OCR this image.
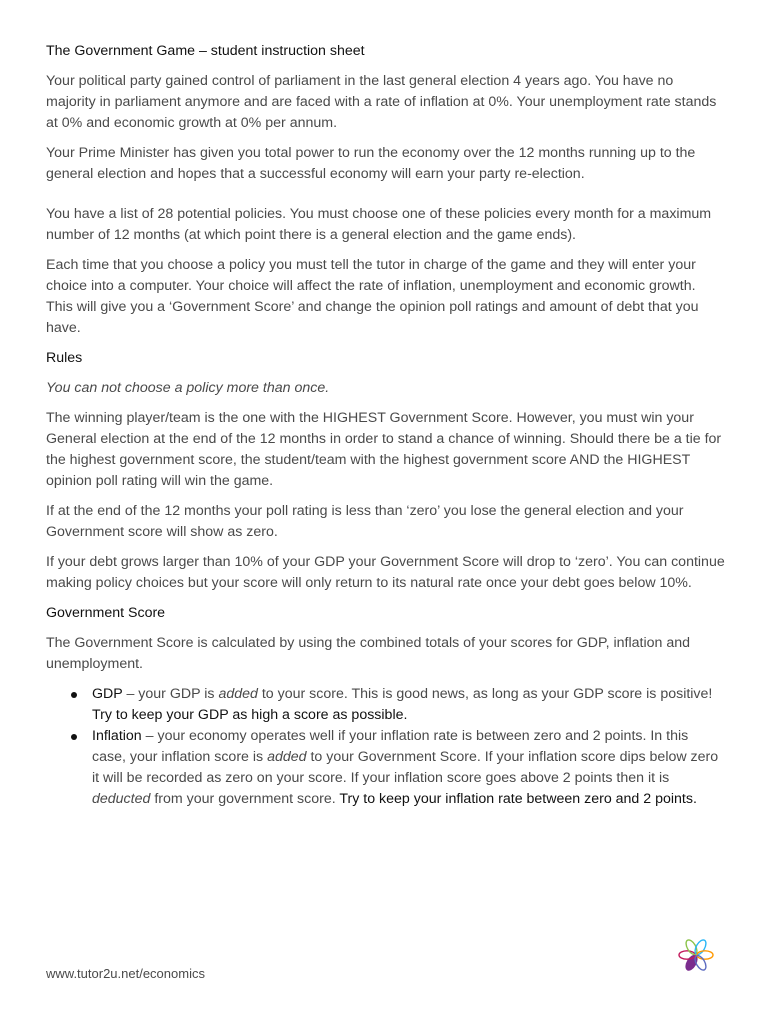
The Government Game – student instruction sheet

Your political party gained control of parliament in the last general election 4 years ago. You have no majority in parliament anymore and are faced with a rate of inflation at 0%. Your unemployment rate stands at 0% and economic growth at 0% per annum.

Your Prime Minister has given you total power to run the economy over the 12 months running up to the general election and hopes that a successful economy will earn your party re-election.

You have a list of 28 potential policies. You must choose one of these policies every month for a maximum number of 12 months (at which point there is a general election and the game ends).

Each time that you choose a policy you must tell the tutor in charge of the game and they will enter your choice into a computer. Your choice will affect the rate of inflation, unemployment and economic growth. This will give you a ‘Government Score’ and change the opinion poll ratings and amount of debt that you have.

Rules

You can not choose a policy more than once.

The winning player/team is the one with the HIGHEST Government Score. However, you must win your General election at the end of the 12 months in order to stand a chance of winning. Should there be a tie for the highest government score, the student/team with the highest government score AND the HIGHEST opinion poll rating will win the game.

If at the end of the 12 months your poll rating is less than ‘zero’ you lose the general election and your Government score will show as zero.

If your debt grows larger than 10% of your GDP your Government Score will drop to ‘zero’. You can continue making policy choices but your score will only return to its natural rate once your debt goes below 10%.

Government Score

The Government Score is calculated by using the combined totals of your scores for GDP, inflation and unemployment.

GDP – your GDP is added to your score. This is good news, as long as your GDP score is positive! Try to keep your GDP as high a score as possible.
Inflation – your economy operates well if your inflation rate is between zero and 2 points. In this case, your inflation score is added to your Government Score. If your inflation score dips below zero it will be recorded as zero on your score. If your inflation score goes above 2 points then it is deducted from your government score. Try to keep your inflation rate between zero and 2 points.
www.tutor2u.net/economics
